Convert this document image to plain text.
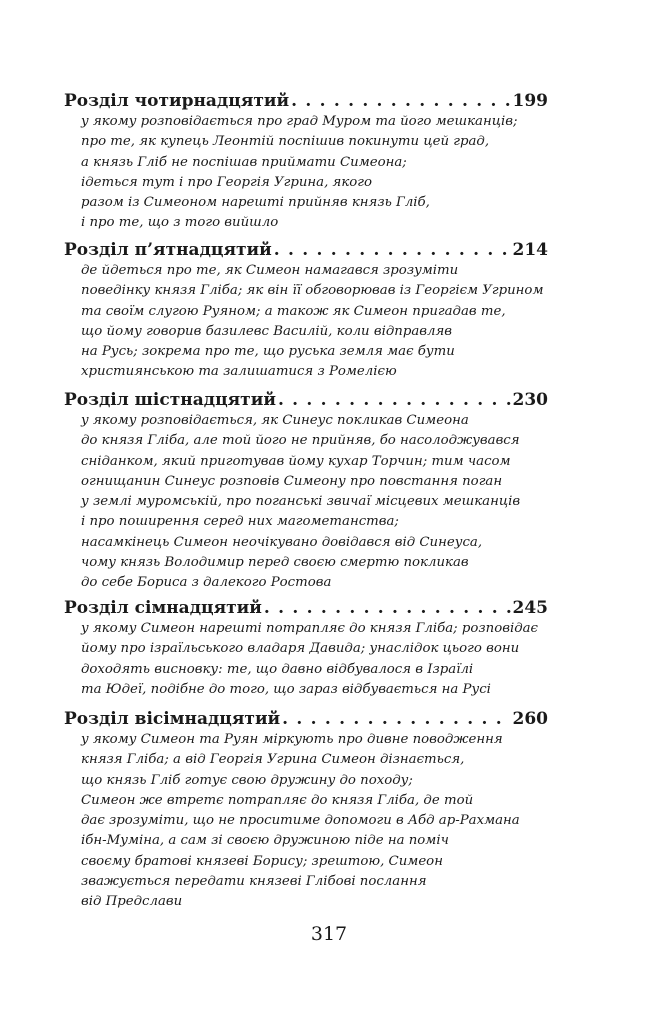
Розділ чотирнадцятий . . .	199

у якому розповідається про град Муром та його мешканців;
про те, як купець Леонтій поспішив покинути цей град,
а князь Гліб не поспішав приймати Симеона;
ідеться тут і про Георгія Угрина, якого
разом із Симеоном нарешті прийняв князь Гліб,
і про те, що з того вийшло

Розділ п’ятнадцятий . . .	214

де йдеться про те, як Симеон намагався зрозуміти
поведінку князя Гліба; як він її обговорював із Георгієм Угрином
та своїм слугою Руяном; а також як Симеон пригадав те,
що йому говорив базилевс Василій, коли відправляв
на Русь; зокрема про те, що руська земля має бути
християнською та залишатися з Ромелією

Розділ шістнадцятий . . .	230

у якому розповідається, як Синеус покликав Симеона
до князя Гліба, але той його не прийняв, бо насолоджувався
сніданком, який приготував йому кухар Торчин; тим часом
огнищанин Синеус розповів Симеону про повстання поган
у землі муромській, про поганські звичаї місцевих мешканців
і про поширення серед них магометанства;
насамкінець Симеон неочікувано довідався від Синеуса,
чому князь Володимир перед своєю смертю покликав
до себе Бориса з далекого Ростова

Розділ сімнадцятий . . .	245

у якому Симеон нарешті потрапляє до князя Гліба; розповідає
йому про ізраїльського владаря Давида; унаслідок цього вони
доходять висновку: те, що давно відбувалося в Ізраїлі
та Юдеї, подібне до того, що зараз відбувається на Русі

Розділ вісімнадцятий . . .	260

у якому Симеон та Руян міркують про дивне поводження
князя Гліба; а від Георгія Угрина Симеон дізнається,
що князь Гліб готує свою дружину до походу;
Симеон же втретє потрапляє до князя Гліба, де той
дає зрозуміти, що не проситиме допомоги в Абд ар-Рахмана
ібн-Муміна, а сам зі своєю дружиною піде на поміч
своєму братові князеві Борису; зрештою, Симеон
зважується передати князеві Глібові послання
від Предслави

317
